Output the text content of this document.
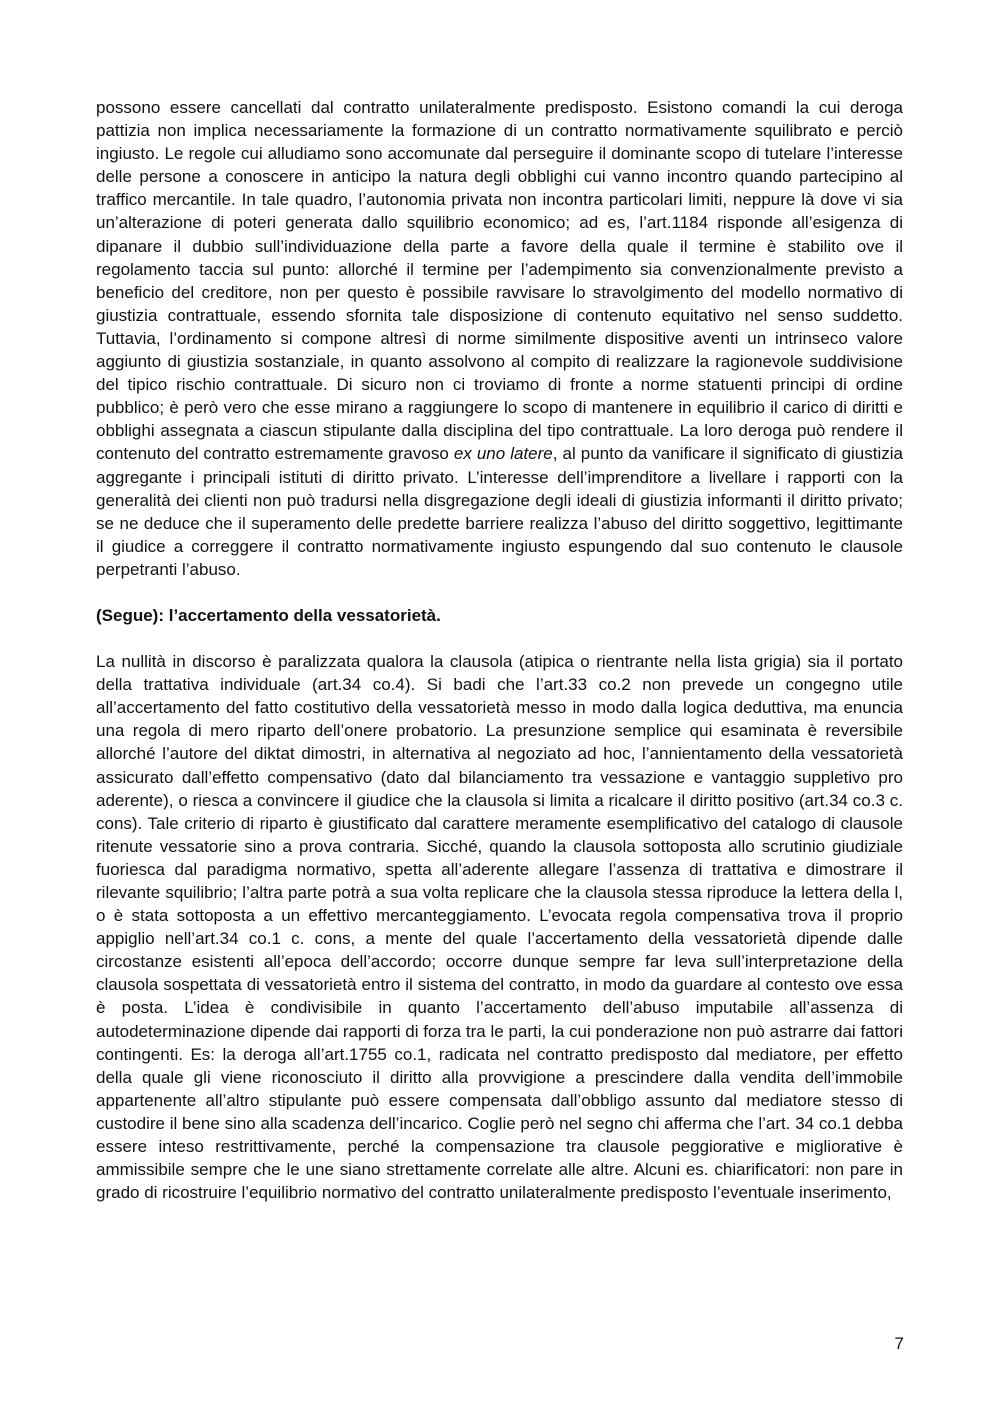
possono essere cancellati dal contratto unilateralmente predisposto. Esistono comandi la cui deroga pattizia non implica necessariamente la formazione di un contratto normativamente squilibrato e perciò ingiusto. Le regole cui alludiamo sono accomunate dal perseguire il dominante scopo di tutelare l’interesse delle persone a conoscere in anticipo la natura degli obblighi cui vanno incontro quando partecipino al traffico mercantile. In tale quadro, l’autonomia privata non incontra particolari limiti, neppure là dove vi sia un’alterazione di poteri generata dallo squilibrio economico; ad es, l’art.1184 risponde all’esigenza di dipanare il dubbio sull’individuazione della parte a favore della quale il termine è stabilito ove il regolamento taccia sul punto: allorché il termine per l’adempimento sia convenzionalmente previsto a beneficio del creditore, non per questo è possibile ravvisare lo stravolgimento del modello normativo di giustizia contrattuale, essendo sfornita tale disposizione di contenuto equitativo nel senso suddetto. Tuttavia, l’ordinamento si compone altresì di norme similmente dispositive aventi un intrinseco valore aggiunto di giustizia sostanziale, in quanto assolvono al compito di realizzare la ragionevole suddivisione del tipico rischio contrattuale. Di sicuro non ci troviamo di fronte a norme statuenti principi di ordine pubblico; è però vero che esse mirano a raggiungere lo scopo di mantenere in equilibrio il carico di diritti e obblighi assegnata a ciascun stipulante dalla disciplina del tipo contrattuale. La loro deroga può rendere il contenuto del contratto estremamente gravoso ex uno latere, al punto da vanificare il significato di giustizia aggregante i principali istituti di diritto privato. L’interesse dell’imprenditore a livellare i rapporti con la generalità dei clienti non può tradursi nella disgregazione degli ideali di giustizia informanti il diritto privato; se ne deduce che il superamento delle predette barriere realizza l’abuso del diritto soggettivo, legittimante il giudice a correggere il contratto normativamente ingiusto espungendo dal suo contenuto le clausole perpetranti l’abuso.

(Segue): l’accertamento della vessatorietà.

La nullità in discorso è paralizzata qualora la clausola (atipica o rientrante nella lista grigia) sia il portato della trattativa individuale (art.34 co.4). Si badi che l’art.33 co.2 non prevede un congegno utile all’accertamento del fatto costitutivo della vessatorietà messo in modo dalla logica deduttiva, ma enuncia una regola di mero riparto dell’onere probatorio. La presunzione semplice qui esaminata è reversibile allorché l’autore del diktat dimostri, in alternativa al negoziato ad hoc, l’annientamento della vessatorietà assicurato dall’effetto compensativo (dato dal bilanciamento tra vessazione e vantaggio suppletivo pro aderente), o riesca a convincere il giudice che la clausola si limita a ricalcare il diritto positivo (art.34 co.3 c. cons). Tale criterio di riparto è giustificato dal carattere meramente esemplificativo del catalogo di clausole ritenute vessatorie sino a prova contraria. Sicché, quando la clausola sottoposta allo scrutinio giudiziale fuoriesca dal paradigma normativo, spetta all’aderente allegare l’assenza di trattativa e dimostrare il rilevante squilibrio; l’altra parte potrà a sua volta replicare che la clausola stessa riproduce la lettera della l, o è stata sottoposta a un effettivo mercanteggiamento. L’evocata regola compensativa trova il proprio appiglio nell’art.34 co.1 c. cons, a mente del quale l’accertamento della vessatorietà dipende dalle circostanze esistenti all’epoca dell’accordo; occorre dunque sempre far leva sull’interpretazione della clausola sospettata di vessatorietà entro il sistema del contratto, in modo da guardare al contesto ove essa è posta. L’idea è condivisibile in quanto l’accertamento dell’abuso imputabile all’assenza di autodeterminazione dipende dai rapporti di forza tra le parti, la cui ponderazione non può astrarre dai fattori contingenti. Es: la deroga all’art.1755 co.1, radicata nel contratto predisposto dal mediatore, per effetto della quale gli viene riconosciuto il diritto alla provvigione a prescindere dalla vendita dell’immobile appartenente all’altro stipulante può essere compensata dall’obbligo assunto dal mediatore stesso di custodire il bene sino alla scadenza dell’incarico. Coglie però nel segno chi afferma che l’art. 34 co.1 debba essere inteso restrittivamente, perché la compensazione tra clausole peggiorative e migliorative è ammissibile sempre che le une siano strettamente correlate alle altre. Alcuni es. chiarificatori: non pare in grado di ricostruire l’equilibrio normativo del contratto unilateralmente predisposto l’eventuale inserimento,

7
